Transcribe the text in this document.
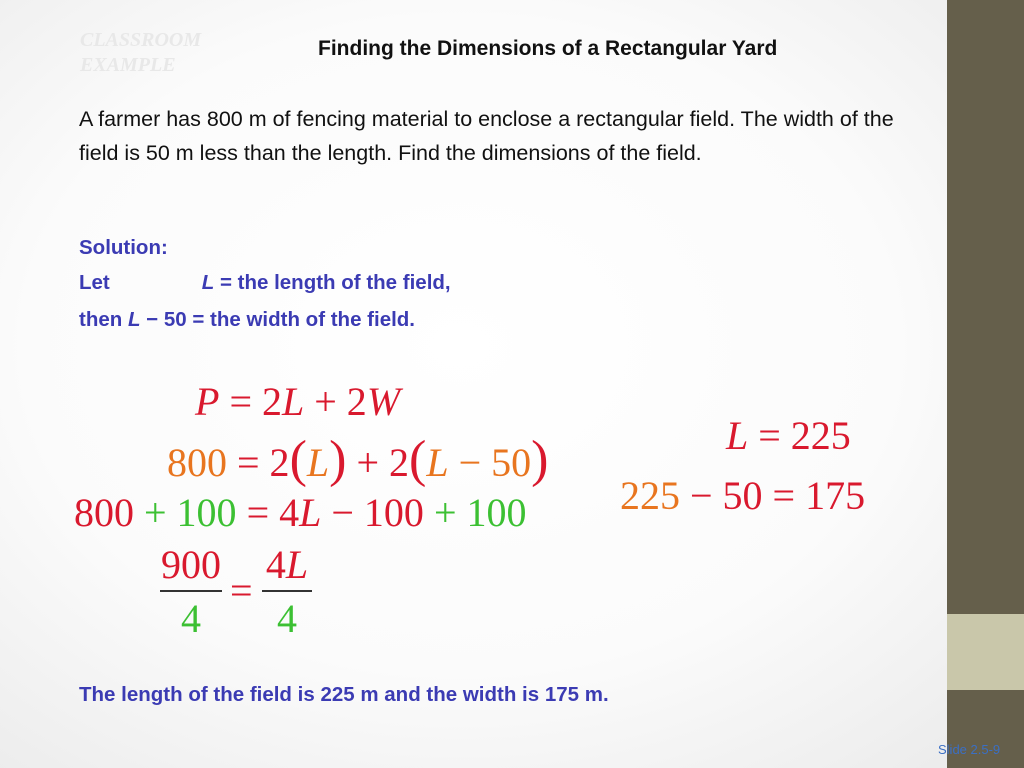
CLASSROOM
EXAMPLE
Finding the Dimensions of a Rectangular Yard
A farmer has 800 m of fencing material to enclose a rectangular field. The width of the field is 50 m less than the length. Find the dimensions of the field.
Solution:
Let	L = the length of the field,
then L − 50 = the width of the field.
P = 2L + 2W
800 = 2(L) + 2(L − 50)
800 + 100 = 4L − 100 + 100
900
4
=
4L
4
L = 225
225 − 50 = 175
The length of the field is 225 m and the width is 175 m.
Slide 2.5-9
